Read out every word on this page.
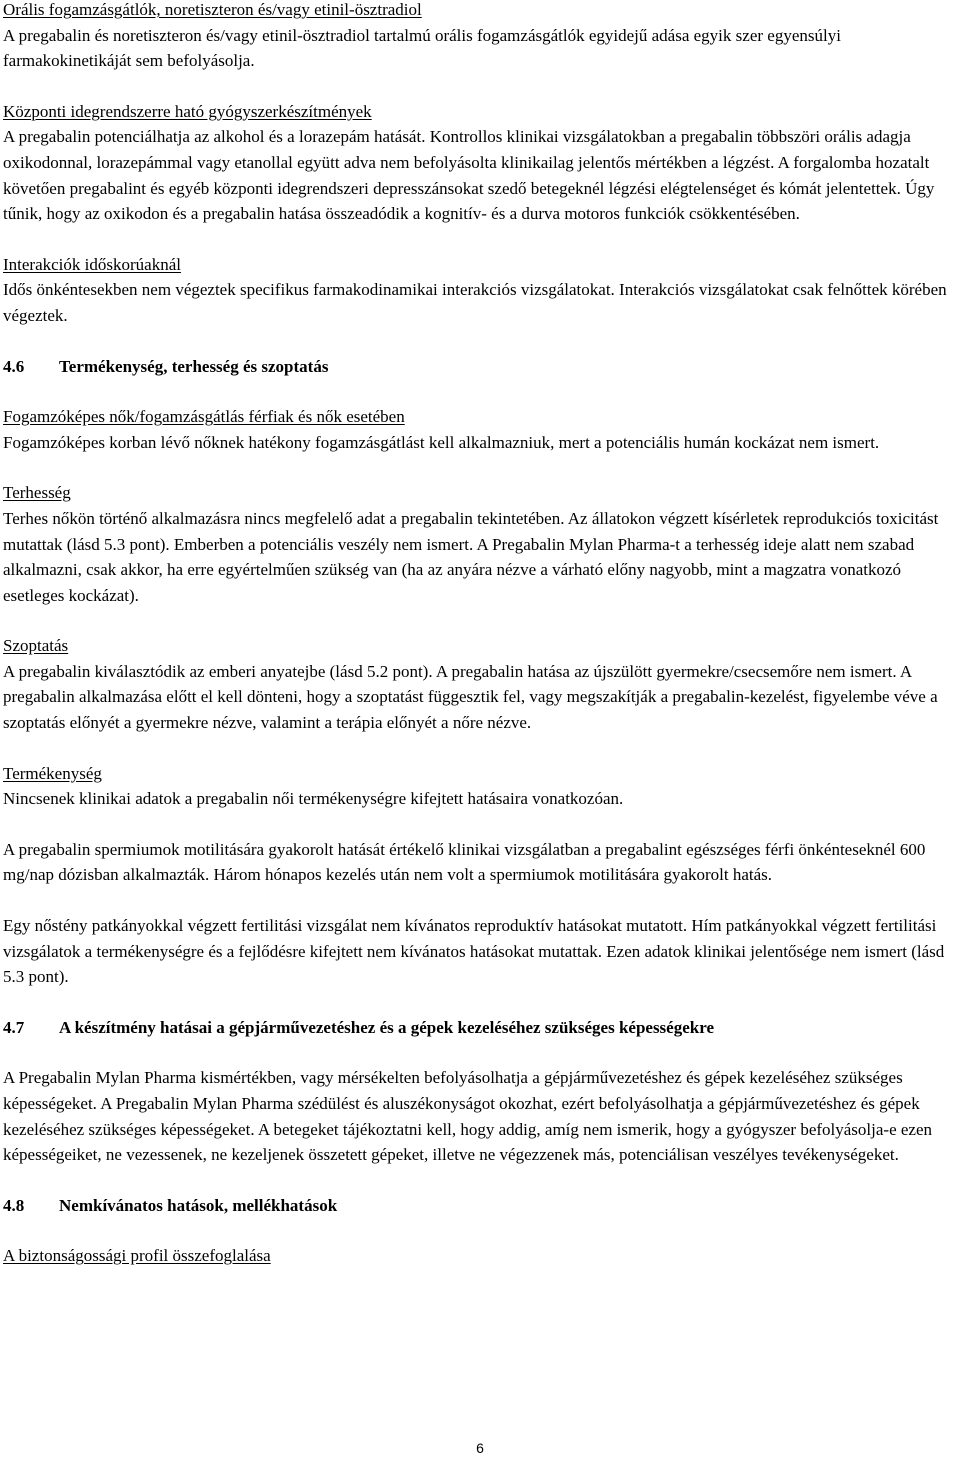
Orális fogamzásgátlók, noretiszteron és/vagy etinil-ösztradiol

A pregabalin és noretiszteron és/vagy etinil-ösztradiol tartalmú orális fogamzásgátlók egyidejű adása egyik szer egyensúlyi farmakokinetikáját sem befolyásolja.

Központi idegrendszerre ható gyógyszerkészítmények

A pregabalin potenciálhatja az alkohol és a lorazepám hatását. Kontrollos klinikai vizsgálatokban a pregabalin többszöri orális adagja oxikodonnal, lorazepámmal vagy etanollal együtt adva nem befolyásolta klinikailag jelentős mértékben a légzést. A forgalomba hozatalt követően pregabalint és egyéb központi idegrendszeri depresszánsokat szedő betegeknél légzési elégtelenséget és kómát jelentettek. Úgy tűnik, hogy az oxikodon és a pregabalin hatása összeadódik a kognitív- és a durva motoros funkciók csökkentésében.

Interakciók időskorúaknál

Idős önkéntesekben nem végeztek specifikus farmakodinamikai interakciós vizsgálatokat. Interakciós vizsgálatokat csak felnőttek körében végeztek.

4.6 Termékenység, terhesség és szoptatás

Fogamzóképes nők/fogamzásgátlás férfiak és nők esetében

Fogamzóképes korban lévő nőknek hatékony fogamzásgátlást kell alkalmazniuk, mert a potenciális humán kockázat nem ismert.

Terhesség

Terhes nőkön történő alkalmazásra nincs megfelelő adat a pregabalin tekintetében. Az állatokon végzett kísérletek reprodukciós toxicitást mutattak (lásd 5.3 pont). Emberben a potenciális veszély nem ismert. A Pregabalin Mylan Pharma-t a terhesség ideje alatt nem szabad alkalmazni, csak akkor, ha erre egyértelműen szükség van (ha az anyára nézve a várható előny nagyobb, mint a magzatra vonatkozó esetleges kockázat).

Szoptatás

A pregabalin kiválasztódik az emberi anyatejbe (lásd 5.2 pont). A pregabalin hatása az újszülött gyermekre/csecsemőre nem ismert. A pregabalin alkalmazása előtt el kell dönteni, hogy a szoptatást függesztik fel, vagy megszakítják a pregabalin-kezelést, figyelembe véve a szoptatás előnyét a gyermekre nézve, valamint a terápia előnyét a nőre nézve.

Termékenység

Nincsenek klinikai adatok a pregabalin női termékenységre kifejtett hatásaira vonatkozóan.

A pregabalin spermiumok motilitására gyakorolt hatását értékelő klinikai vizsgálatban a pregabalint egészséges férfi önkénteseknél 600 mg/nap dózisban alkalmazták. Három hónapos kezelés után nem volt a spermiumok motilitására gyakorolt hatás.

Egy nőstény patkányokkal végzett fertilitási vizsgálat nem kívánatos reproduktív hatásokat mutatott. Hím patkányokkal végzett fertilitási vizsgálatok a termékenységre és a fejlődésre kifejtett nem kívánatos hatásokat mutattak. Ezen adatok klinikai jelentősége nem ismert (lásd 5.3 pont).

4.7 A készítmény hatásai a gépjárművezetéshez és a gépek kezeléséhez szükséges képességekre

A Pregabalin Mylan Pharma kismértékben, vagy mérsékelten befolyásolhatja a gépjárművezetéshez és gépek kezeléséhez szükséges képességeket. A Pregabalin Mylan Pharma szédülést és aluszékonyságot okozhat, ezért befolyásolhatja a gépjárművezetéshez és gépek kezeléséhez szükséges képességeket. A betegeket tájékoztatni kell, hogy addig, amíg nem ismerik, hogy a gyógyszer befolyásolja-e ezen képességeiket, ne vezessenek, ne kezeljenek összetett gépeket, illetve ne végezzenek más, potenciálisan veszélyes tevékenységeket.

4.8 Nemkívánatos hatások, mellékhatások

A biztonságossági profil összefoglalása

6
